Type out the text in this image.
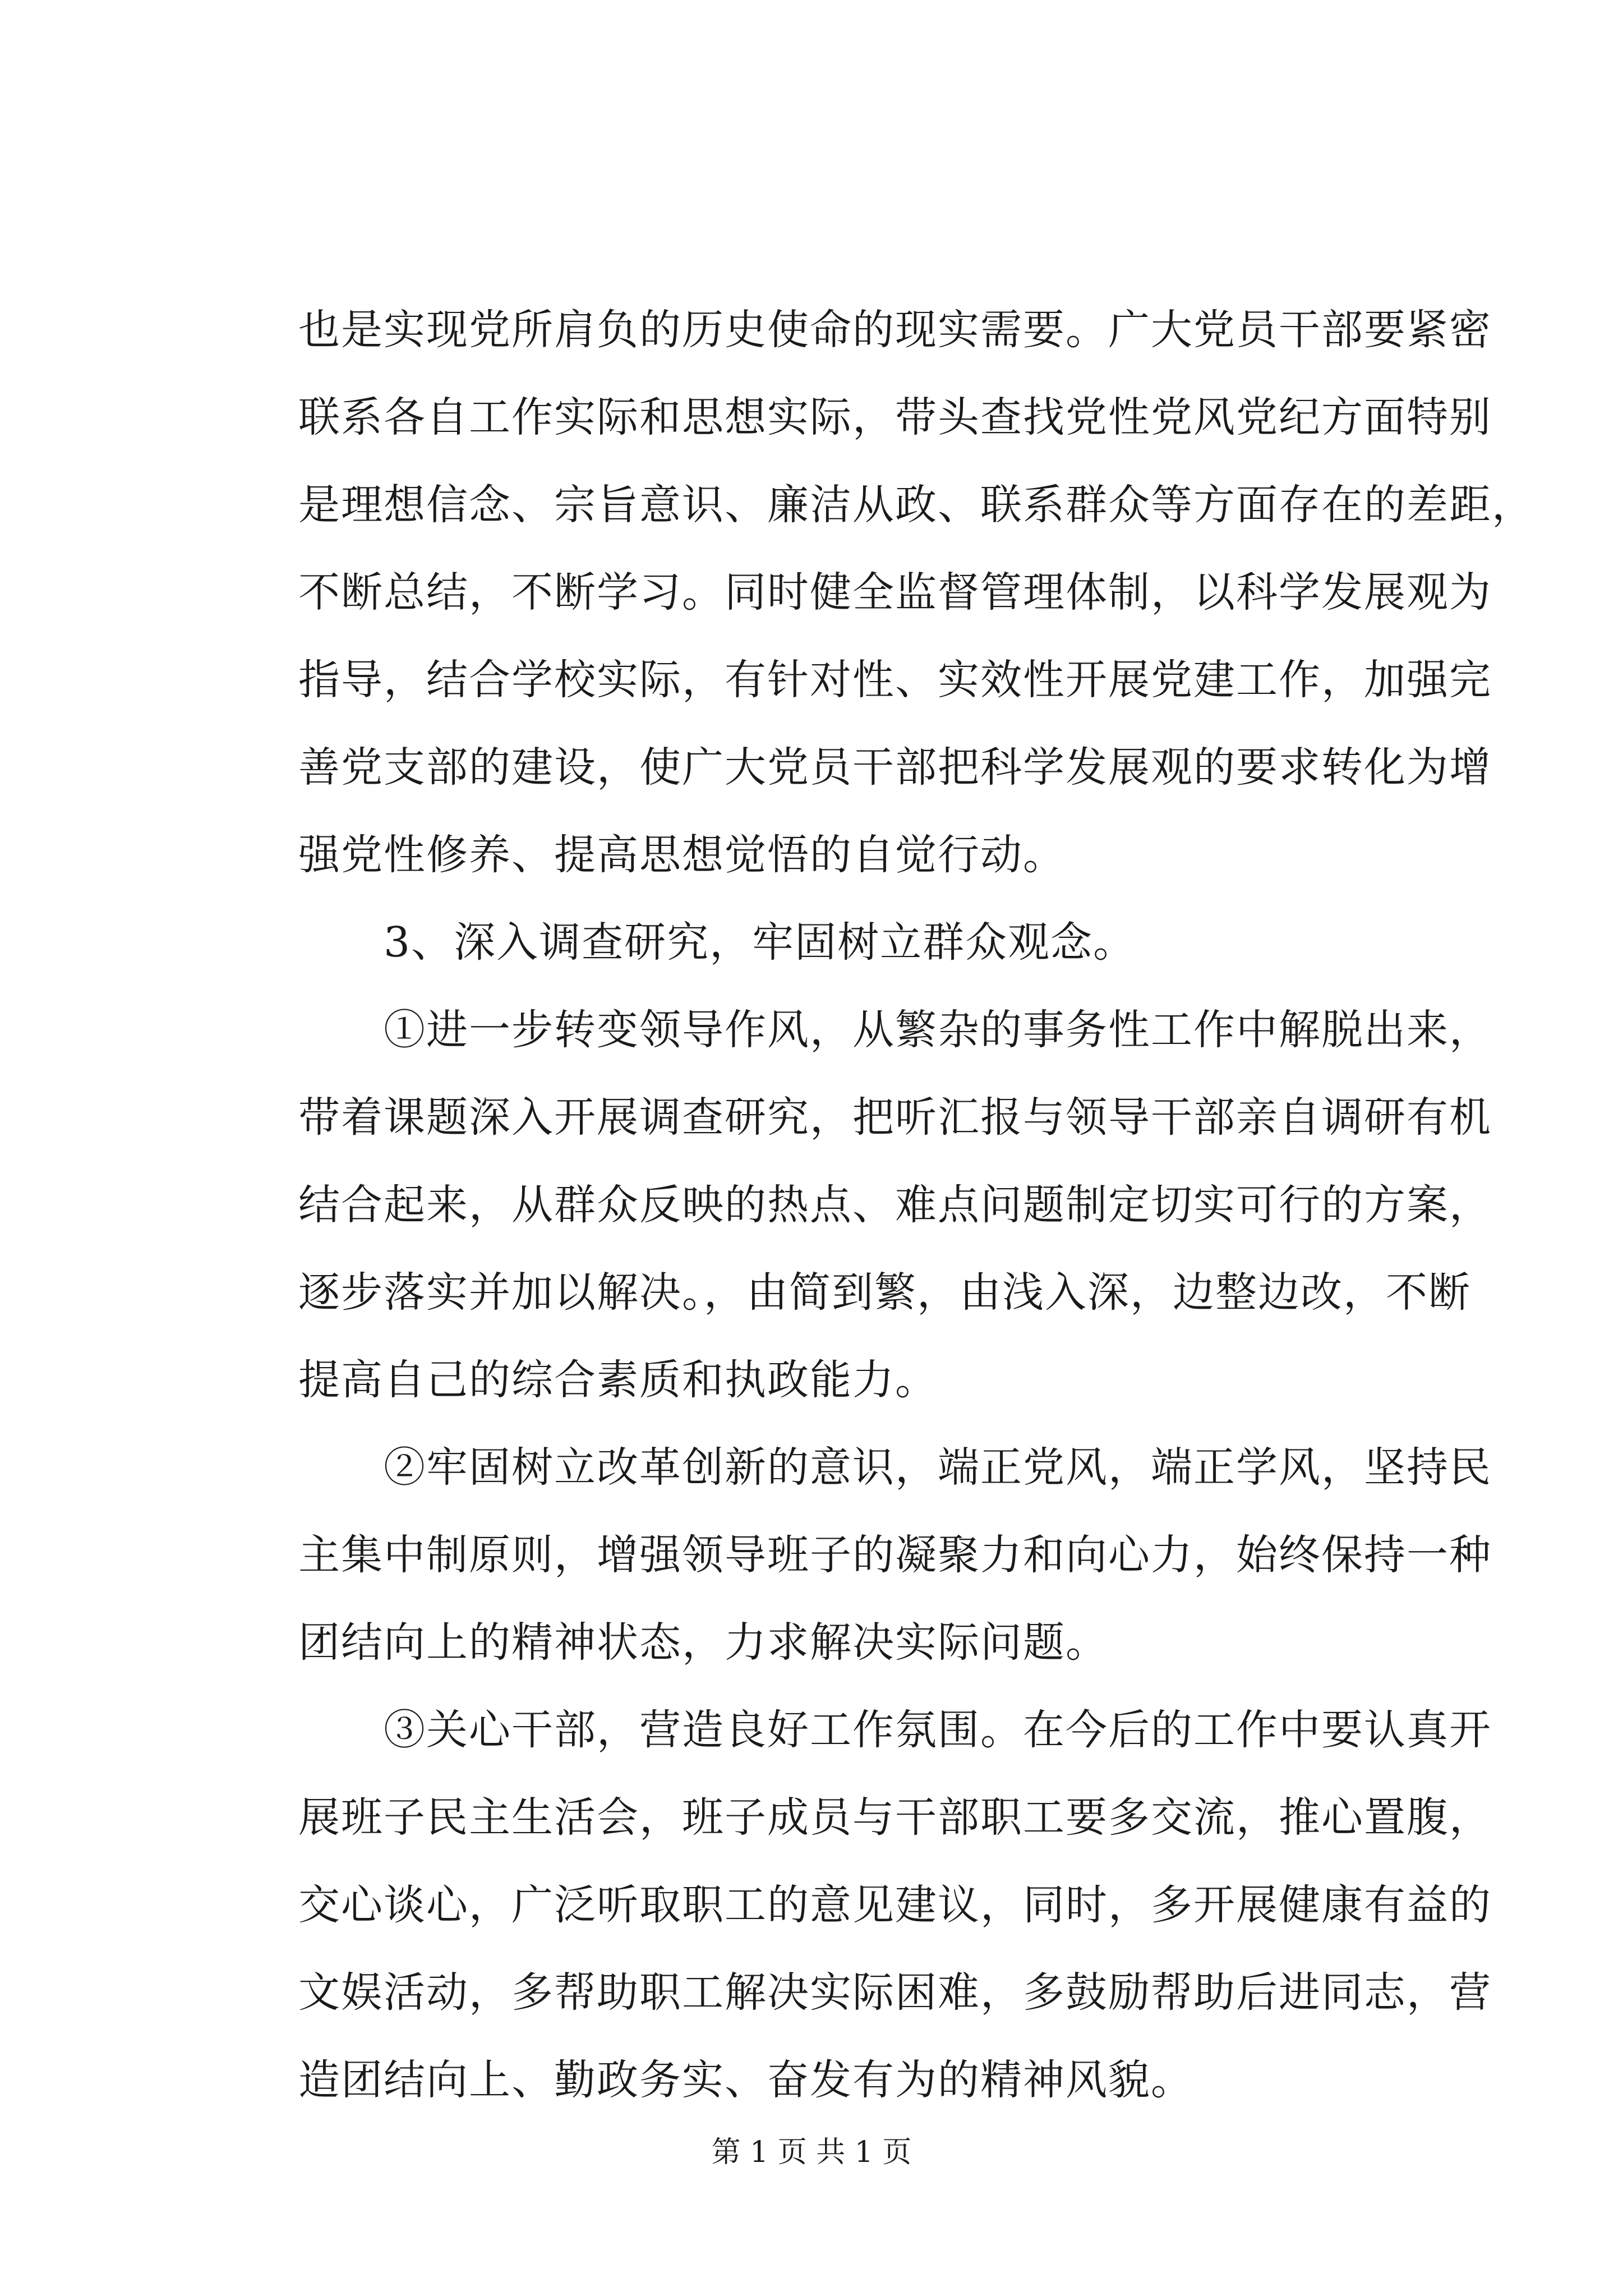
也是实现党所肩负的历史使命的现实需要。广大党员干部要紧密
联系各自工作实际和思想实际，带头查找党性党风党纪方面特别
是理想信念、宗旨意识、廉洁从政、联系群众等方面存在的差距，
不断总结，不断学习。同时健全监督管理体制，以科学发展观为
指导，结合学校实际，有针对性、实效性开展党建工作，加强完
善党支部的建设，使广大党员干部把科学发展观的要求转化为增
强党性修养、提高思想觉悟的自觉行动。
　　3、深入调查研究，牢固树立群众观念。
　　①进一步转变领导作风，从繁杂的事务性工作中解脱出来，
带着课题深入开展调查研究，把听汇报与领导干部亲自调研有机
结合起来，从群众反映的热点、难点问题制定切实可行的方案，
逐步落实并加以解决。，由简到繁，由浅入深，边整边改，不断
提高自己的综合素质和执政能力。
　　②牢固树立改革创新的意识，端正党风，端正学风，坚持民
主集中制原则，增强领导班子的凝聚力和向心力，始终保持一种
团结向上的精神状态，力求解决实际问题。
　　③关心干部，营造良好工作氛围。在今后的工作中要认真开
展班子民主生活会，班子成员与干部职工要多交流，推心置腹，
交心谈心，广泛听取职工的意见建议，同时，多开展健康有益的
文娱活动，多帮助职工解决实际困难，多鼓励帮助后进同志，营
造团结向上、勤政务实、奋发有为的精神风貌。
第 1 页 共 1 页
